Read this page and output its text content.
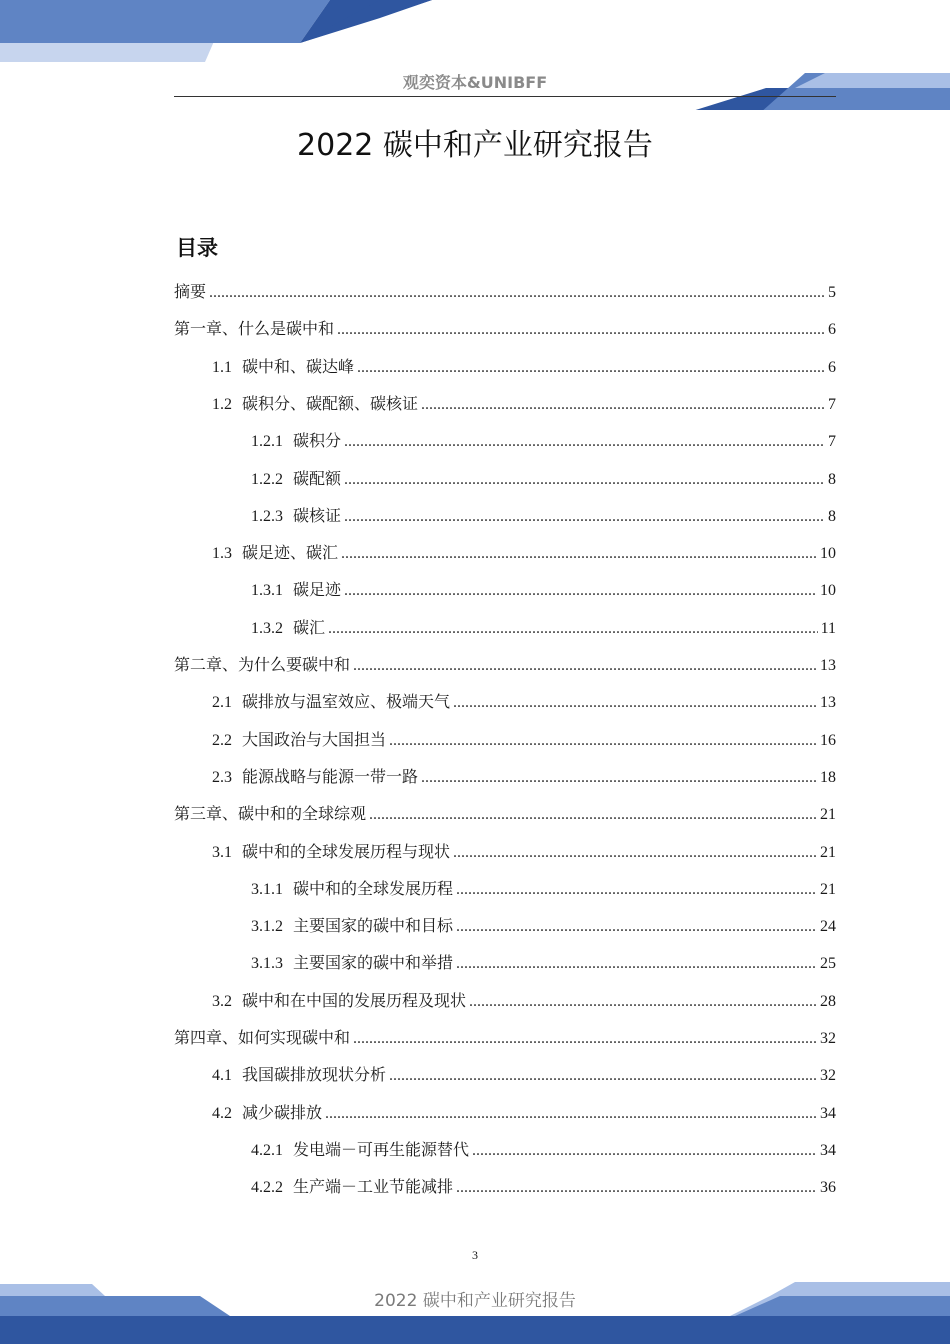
观奕资本&UNIBFF
2022 碳中和产业研究报告
目录
摘要 .....	5
第一章、什么是碳中和 .....	6
1.1 碳中和、碳达峰 .....	6
1.2 碳积分、碳配额、碳核证 .....	7
1.2.1 碳积分 .....	7
1.2.2 碳配额 .....	8
1.2.3 碳核证 .....	8
1.3 碳足迹、碳汇 .....	10
1.3.1 碳足迹 .....	10
1.3.2 碳汇 .....	11
第二章、为什么要碳中和 .....	13
2.1 碳排放与温室效应、极端天气 .....	13
2.2 大国政治与大国担当 .....	16
2.3 能源战略与能源一带一路 .....	18
第三章、碳中和的全球综观 .....	21
3.1 碳中和的全球发展历程与现状 .....	21
3.1.1 碳中和的全球发展历程 .....	21
3.1.2 主要国家的碳中和目标 .....	24
3.1.3 主要国家的碳中和举措 .....	25
3.2 碳中和在中国的发展历程及现状 .....	28
第四章、如何实现碳中和 .....	32
4.1 我国碳排放现状分析 .....	32
4.2 减少碳排放 .....	34
4.2.1 发电端－可再生能源替代 .....	34
4.2.2 生产端－工业节能减排 .....	36
3
2022 碳中和产业研究报告
